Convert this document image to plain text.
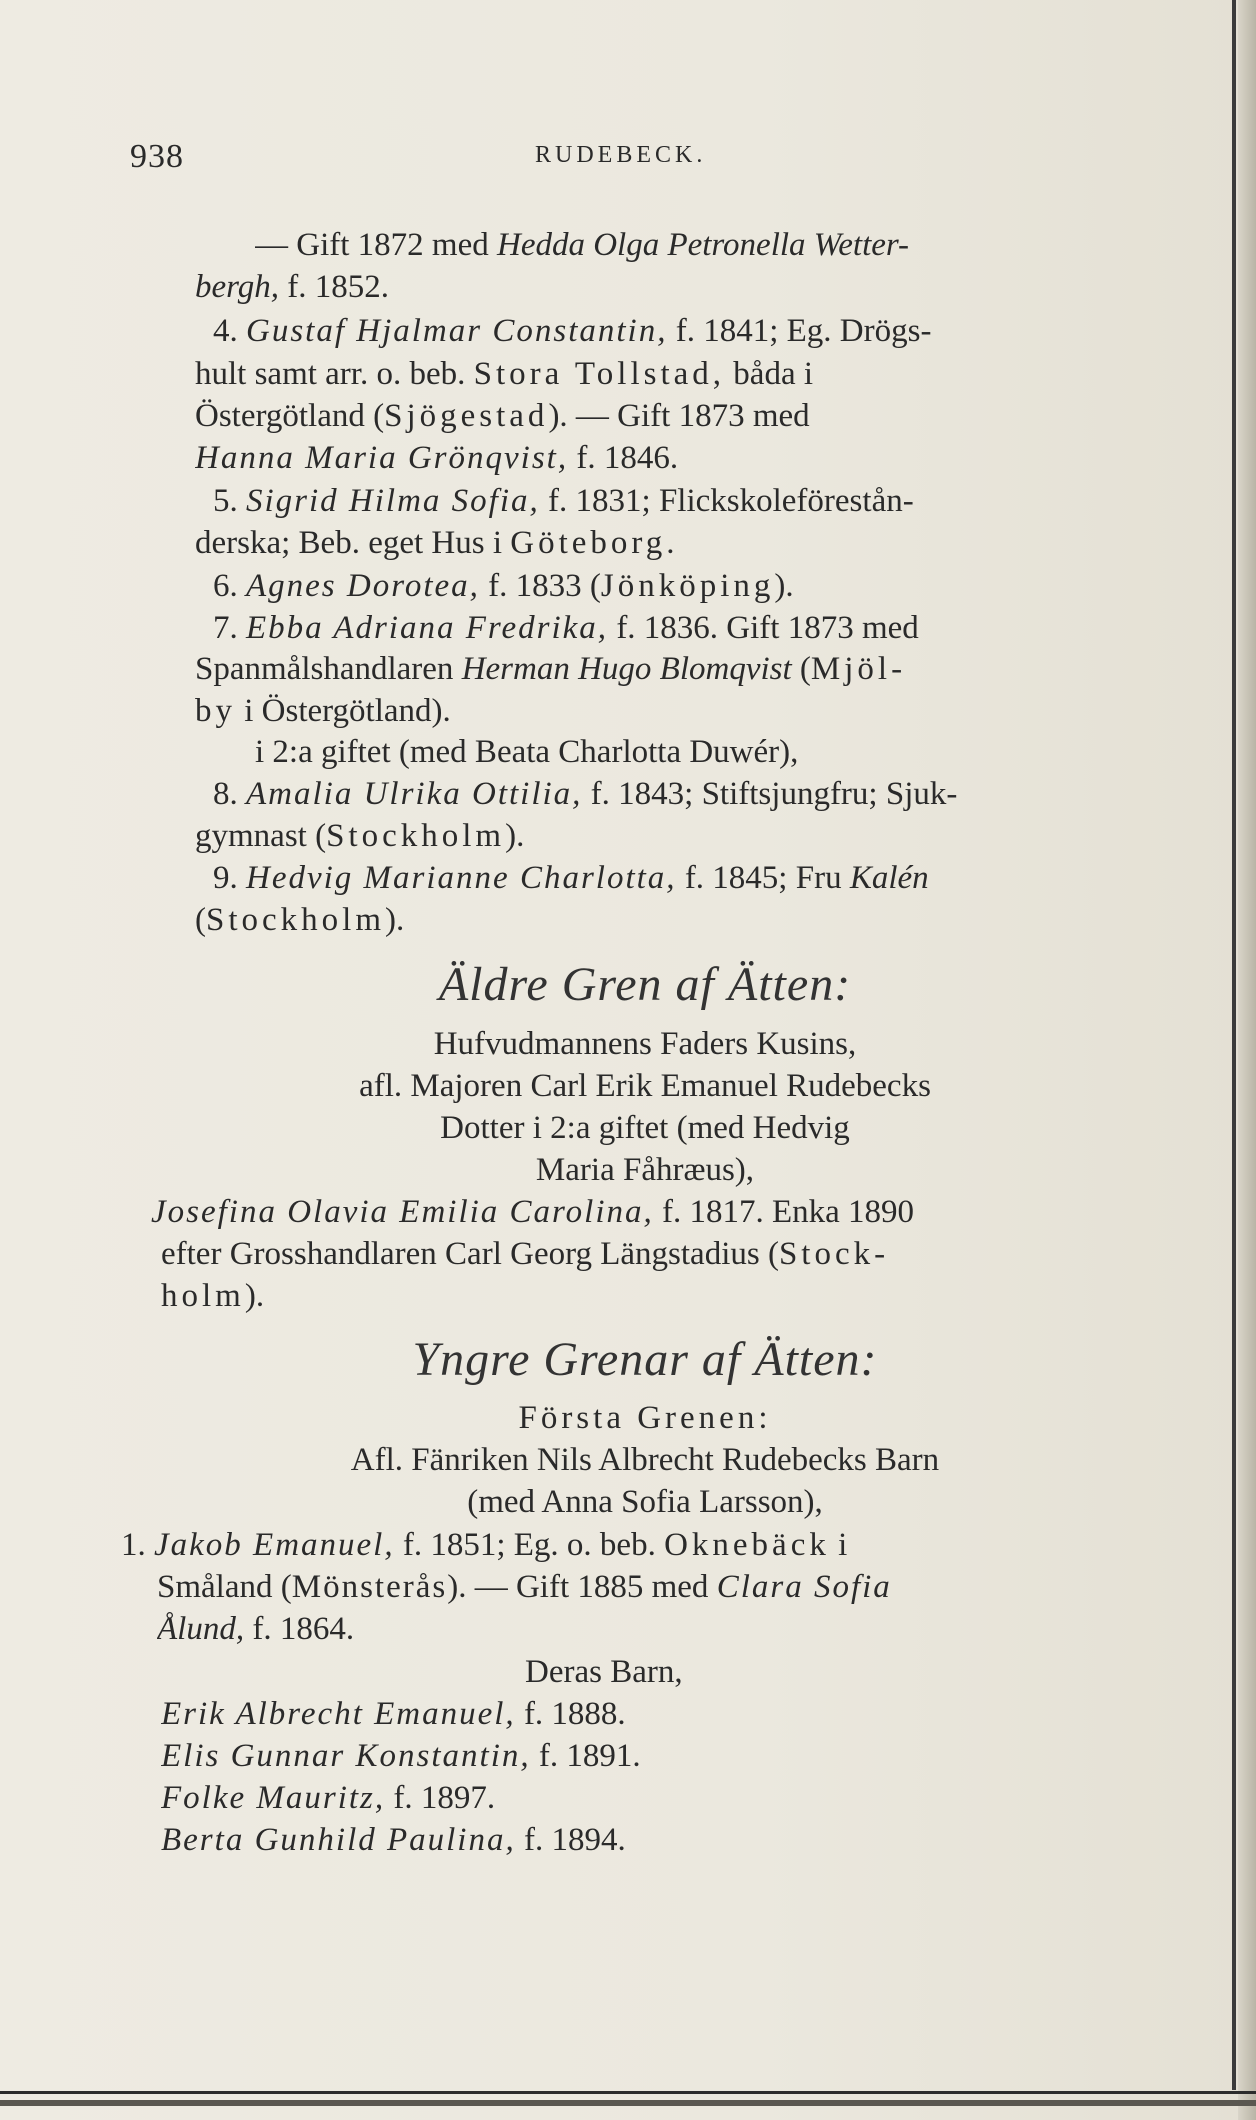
938	RUDEBECK.
— Gift 1872 med Hedda Olga Petronella Wetter-
bergh, f. 1852.
4. Gustaf Hjalmar Constantin, f. 1841; Eg. Drögs-
hult samt arr. o. beb. Stora Tollstad, båda i
Östergötland (Sjögestad). — Gift 1873 med
Hanna Maria Grönqvist, f. 1846.
5. Sigrid Hilma Sofia, f. 1831; Flickskoleförestån-
derska; Beb. eget Hus i Göteborg.
6. Agnes Dorotea, f. 1833 (Jönköping).
7. Ebba Adriana Fredrika, f. 1836. Gift 1873 med
Spanmålshandlaren Herman Hugo Blomqvist (Mjöl-
by i Östergötland).
i 2:a giftet (med Beata Charlotta Duwér),
8. Amalia Ulrika Ottilia, f. 1843; Stiftsjungfru; Sjuk-
gymnast (Stockholm).
9. Hedvig Marianne Charlotta, f. 1845; Fru Kalén
(Stockholm).
Äldre Gren af Ätten:
Hufvudmannens Faders Kusins,
afl. Majoren Carl Erik Emanuel Rudebecks
Dotter i 2:a giftet (med Hedvig
Maria Fåhræus),
Josefina Olavia Emilia Carolina, f. 1817. Enka 1890
efter Grosshandlaren Carl Georg Längstadius (Stock-
holm).
Yngre Grenar af Ätten:
Första Grenen:
Afl. Fänriken Nils Albrecht Rudebecks Barn
(med Anna Sofia Larsson),
1. Jakob Emanuel, f. 1851; Eg. o. beb. Oknebäck i
Småland (Mönsterås). — Gift 1885 med Clara Sofia
Ålund, f. 1864.
Deras Barn,
Erik Albrecht Emanuel, f. 1888.
Elis Gunnar Konstantin, f. 1891.
Folke Mauritz, f. 1897.
Berta Gunhild Paulina, f. 1894.
